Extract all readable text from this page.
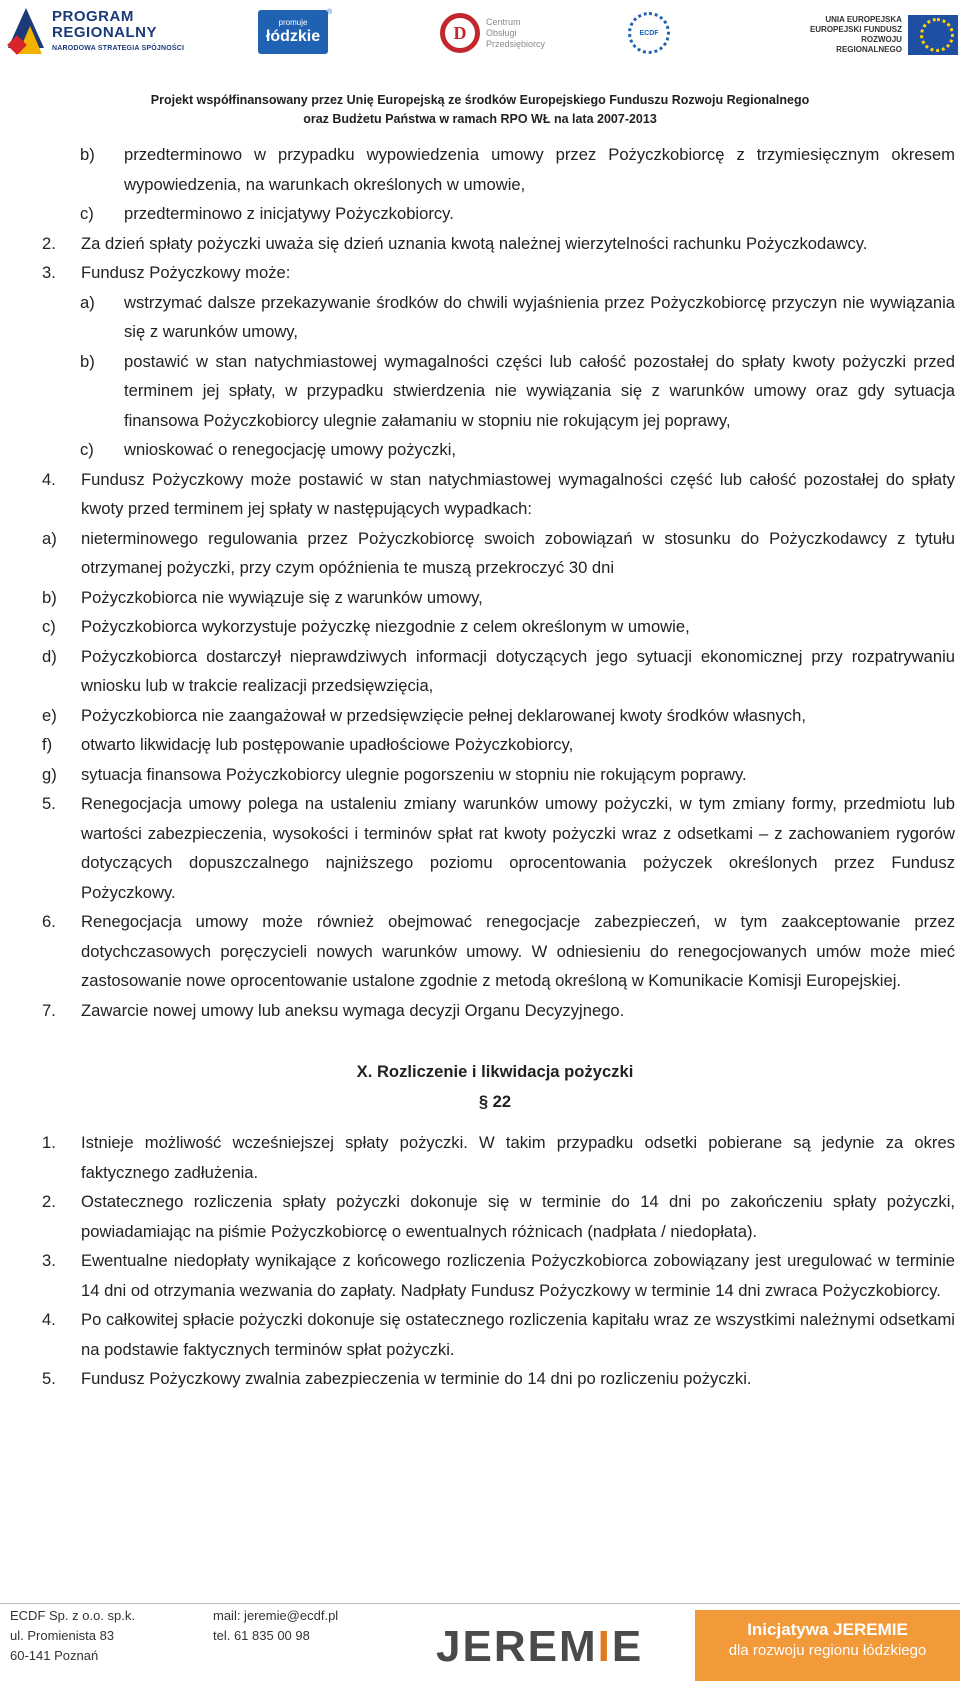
PROGRAM
REGIONALNY
NARODOWA STRATEGIA SPÓJNOŚCI
promuje
łódzkie
®
D
Centrum
Obsługi
Przedsiębiorcy
ECDF
UNIA EUROPEJSKA
EUROPEJSKI FUNDUSZ
ROZWOJU REGIONALNEGO
Projekt współfinansowany przez Unię Europejską ze środków Europejskiego Funduszu Rozwoju Regionalnego
oraz Budżetu Państwa w ramach RPO WŁ na lata 2007-2013
b) przedterminowo w przypadku wypowiedzenia umowy przez Pożyczkobiorcę z trzymiesięcznym okresem wypowiedzenia, na warunkach określonych w umowie,
c) przedterminowo z inicjatywy Pożyczkobiorcy.
2. Za dzień spłaty pożyczki uważa się dzień uznania kwotą należnej wierzytelności rachunku Pożyczkodawcy.
3. Fundusz Pożyczkowy może:
a) wstrzymać dalsze przekazywanie środków do chwili wyjaśnienia przez Pożyczkobiorcę przyczyn nie wywiązania się z warunków umowy,
b) postawić w stan natychmiastowej wymagalności części lub całość pozostałej do spłaty kwoty pożyczki przed terminem jej spłaty, w przypadku stwierdzenia nie wywiązania się z warunków umowy oraz gdy sytuacja finansowa Pożyczkobiorcy ulegnie załamaniu w stopniu nie rokującym jej poprawy,
c) wnioskować o renegocjację umowy pożyczki,
4. Fundusz Pożyczkowy może postawić w stan natychmiastowej wymagalności część lub całość pozostałej do spłaty kwoty przed terminem jej spłaty w następujących wypadkach:
a) nieterminowego regulowania przez Pożyczkobiorcę swoich zobowiązań w stosunku do Pożyczkodawcy z tytułu otrzymanej pożyczki, przy czym opóźnienia te muszą przekroczyć 30 dni
b) Pożyczkobiorca nie wywiązuje się z warunków umowy,
c) Pożyczkobiorca wykorzystuje pożyczkę niezgodnie z celem określonym w umowie,
d) Pożyczkobiorca dostarczył nieprawdziwych informacji dotyczących jego sytuacji ekonomicznej przy rozpatrywaniu wniosku lub w trakcie realizacji przedsięwzięcia,
e) Pożyczkobiorca nie zaangażował w przedsięwzięcie pełnej deklarowanej kwoty środków własnych,
f) otwarto likwidację lub postępowanie upadłościowe Pożyczkobiorcy,
g) sytuacja finansowa Pożyczkobiorcy ulegnie pogorszeniu w stopniu nie rokującym poprawy.
5. Renegocjacja umowy polega na ustaleniu zmiany warunków umowy pożyczki, w tym zmiany formy, przedmiotu lub wartości zabezpieczenia, wysokości i terminów spłat rat kwoty pożyczki wraz z odsetkami – z zachowaniem rygorów dotyczących dopuszczalnego najniższego poziomu oprocentowania pożyczek określonych przez Fundusz Pożyczkowy.
6. Renegocjacja umowy może również obejmować renegocjacje zabezpieczeń, w tym zaakceptowanie przez dotychczasowych poręczycieli nowych warunków umowy. W odniesieniu do renegocjowanych umów może mieć zastosowanie nowe oprocentowanie ustalone zgodnie z metodą określoną w Komunikacie Komisji Europejskiej.
7. Zawarcie nowej umowy lub aneksu wymaga decyzji Organu Decyzyjnego.
X. Rozliczenie i likwidacja pożyczki
§ 22
1. Istnieje możliwość wcześniejszej spłaty pożyczki. W takim przypadku odsetki pobierane są jedynie za okres faktycznego zadłużenia.
2. Ostatecznego rozliczenia spłaty pożyczki dokonuje się w terminie do 14 dni po zakończeniu spłaty pożyczki, powiadamiając na piśmie Pożyczkobiorcę o ewentualnych różnicach (nadpłata / niedopłata).
3. Ewentualne niedopłaty wynikające z końcowego rozliczenia Pożyczkobiorca zobowiązany jest uregulować w terminie 14 dni od otrzymania wezwania do zapłaty. Nadpłaty Fundusz Pożyczkowy w terminie 14 dni zwraca Pożyczkobiorcy.
4. Po całkowitej spłacie pożyczki dokonuje się ostatecznego rozliczenia kapitału wraz ze wszystkimi należnymi odsetkami na podstawie faktycznych terminów spłat pożyczki.
5. Fundusz Pożyczkowy zwalnia zabezpieczenia w terminie do 14 dni po rozliczeniu pożyczki.
ECDF Sp. z o.o. sp.k.
ul. Promienista 83
60-141 Poznań
mail: jeremie@ecdf.pl
tel. 61 835 00 98	JEREMIE	Inicjatywa JEREMIE
dla rozwoju regionu łódzkiego
